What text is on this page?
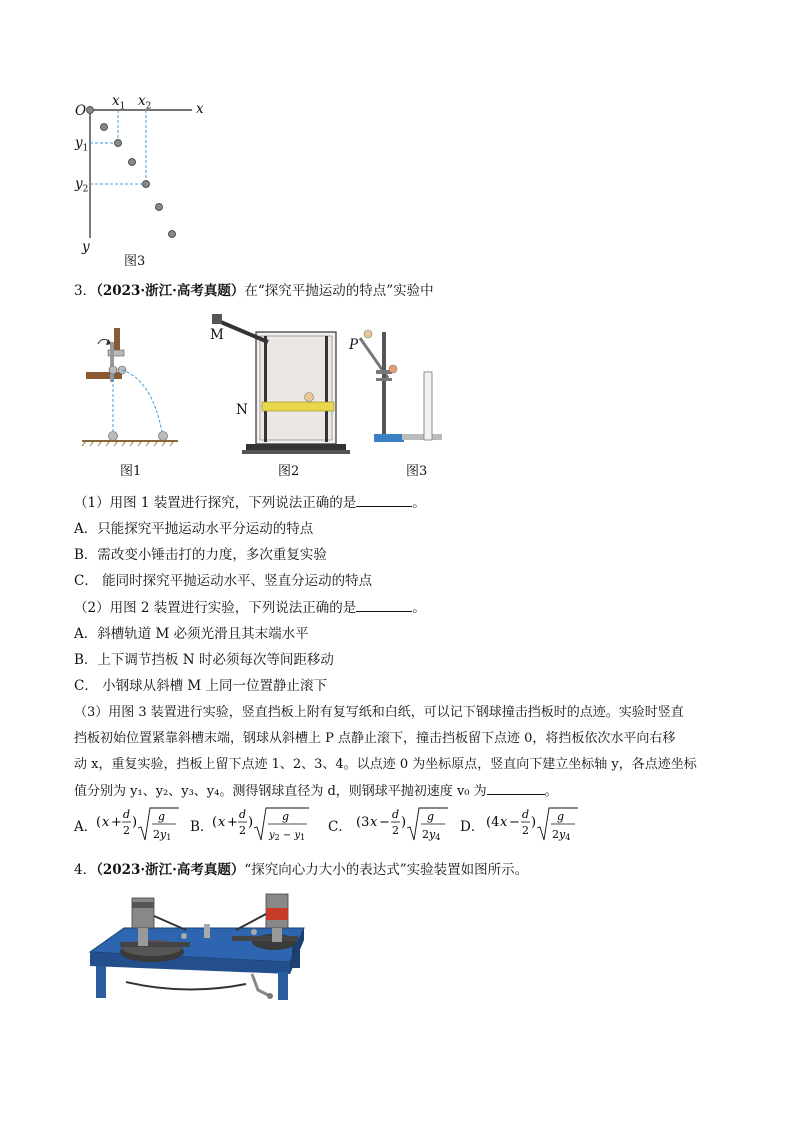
O	x
y
$x_1$ $x_2$
$y_1$
$y_2$
图3
3．（2023·浙江·高考真题）在“探究平抛运动的特点”实验中
图1
M
N
图2
P
图3
（1）用图 1 装置进行探究，下列说法正确的是	。
A．只能探究平抛运动水平分运动的特点
B．需改变小锤击打的力度，多次重复实验
C． 能同时探究平抛运动水平、竖直分运动的特点
（2）用图 2 装置进行实验，下列说法正确的是	。
A．斜槽轨道 M 必须光滑且其末端水平
B．上下调节挡板 N 时必须每次等间距移动
C． 小钢球从斜槽 M 上同一位置静止滚下
（3）用图 3 装置进行实验，竖直挡板上附有复写纸和白纸，可以记下钢球撞击挡板时的点迹。实验时竖直
挡板初始位置紧靠斜槽末端，钢球从斜槽上 P 点静止滚下，撞击挡板留下点迹 0，将挡板依次水平向右移
动 x，重复实验，挡板上留下点迹 1、2、3、4。以点迹 0 为坐标原点，竖直向下建立坐标轴 y，各点迹坐标
值分别为 y₁、y₂、y₃、y₄。测得钢球直径为 d，则钢球平抛初速度 v₀ 为	。
A．
( x +
d
2
) g
2y1
B．
( x +
d
2
)	g
$y_2 - y_1$
C． (3 x −
d
2
) g
2y4
D． (4 x −
d
2
) g
2y4
4．（2023·浙江·高考真题）“探究向心力大小的表达式”实验装置如图所示。
